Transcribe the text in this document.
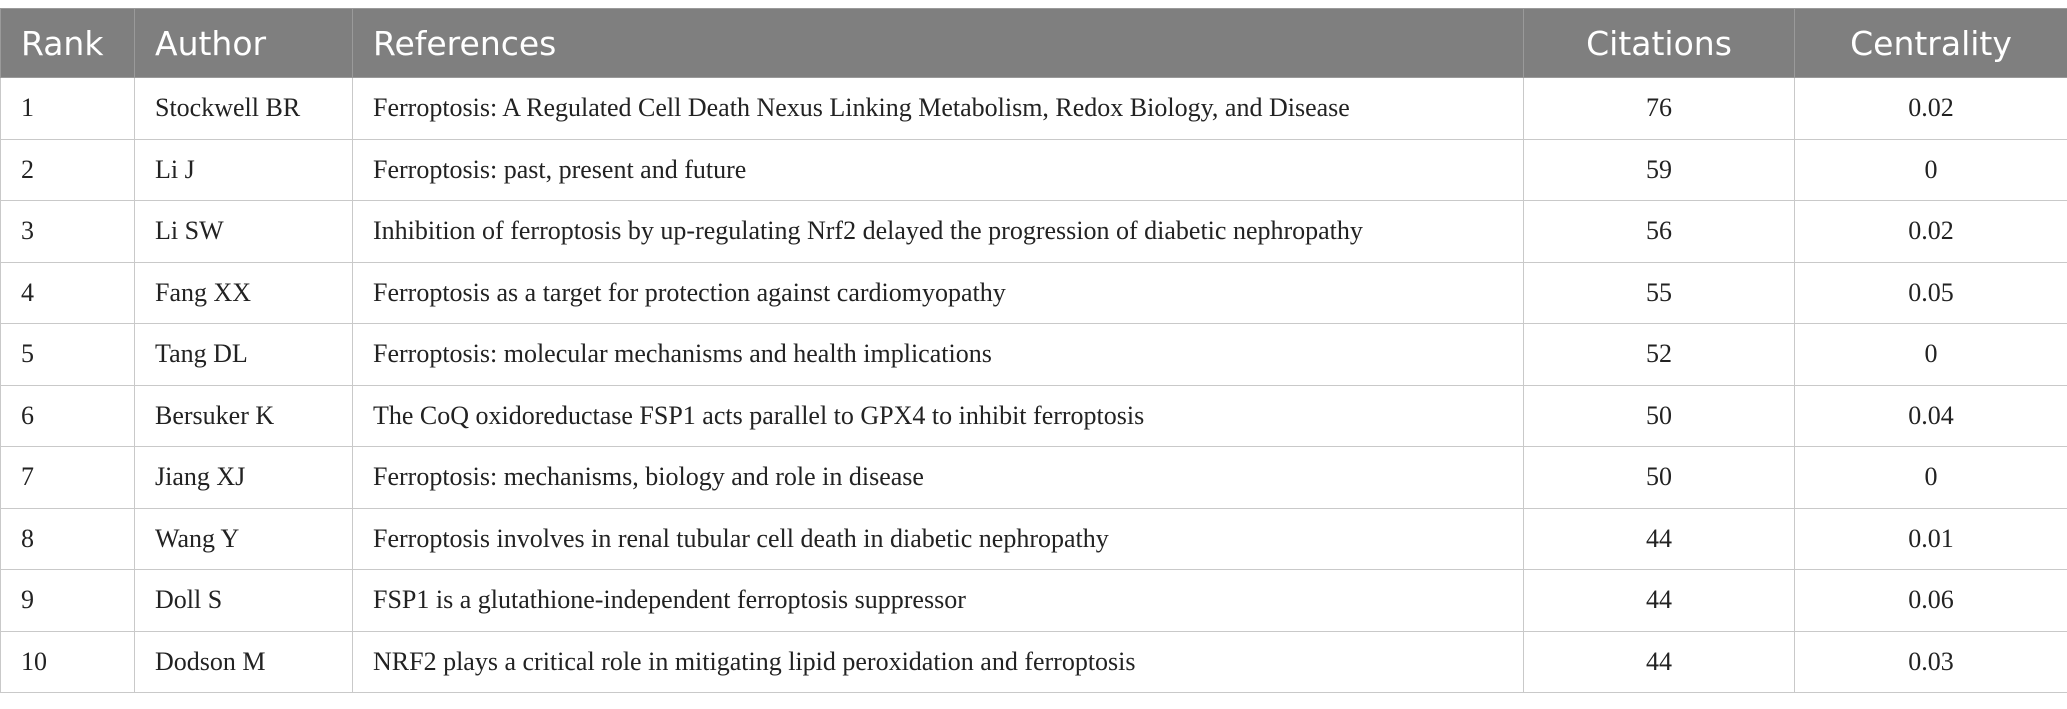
Rank	Author	References	Citations	Centrality
1	Stockwell BR	Ferroptosis: A Regulated Cell Death Nexus Linking Metabolism, Redox Biology, and Disease	76	0.02
2	Li J	Ferroptosis: past, present and future	59	0
3	Li SW	Inhibition of ferroptosis by up-regulating Nrf2 delayed the progression of diabetic nephropathy	56	0.02
4	Fang XX	Ferroptosis as a target for protection against cardiomyopathy	55	0.05
5	Tang DL	Ferroptosis: molecular mechanisms and health implications	52	0
6	Bersuker K	The CoQ oxidoreductase FSP1 acts parallel to GPX4 to inhibit ferroptosis	50	0.04
7	Jiang XJ	Ferroptosis: mechanisms, biology and role in disease	50	0
8	Wang Y	Ferroptosis involves in renal tubular cell death in diabetic nephropathy	44	0.01
9	Doll S	FSP1 is a glutathione-independent ferroptosis suppressor	44	0.06
10	Dodson M	NRF2 plays a critical role in mitigating lipid peroxidation and ferroptosis	44	0.03
